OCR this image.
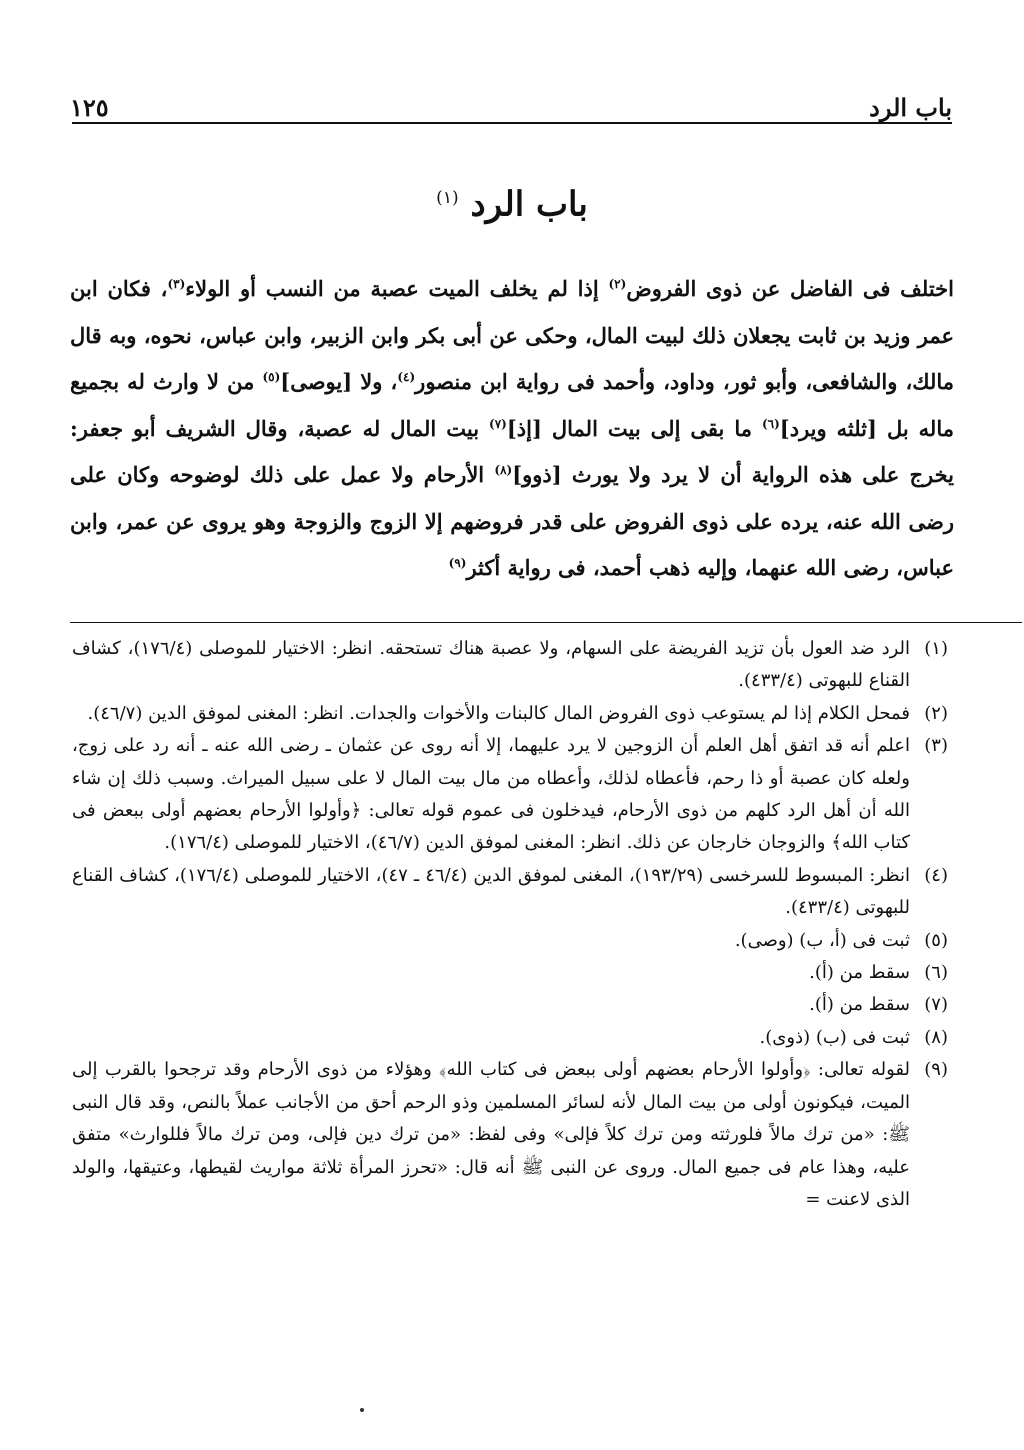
باب الرد
١٢٥
باب الرد $^{(١)}$
اختلف فى الفاضل عن ذوى الفروض$^{(٢)}$ إذا لم يخلف الميت عصبة من النسب أو الولاء$^{(٣)}$، فكان ابن عمر وزيد بن ثابت يجعلان ذلك لبيت المال، وحكى عن أبى بكر وابن الزبير، وابن عباس، نحوه، وبه قال مالك، والشافعى، وأبو ثور، وداود، وأحمد فى رواية ابن منصور$^{(٤)}$، ولا [يوصى]$^{(٥)}$ من لا وارث له بجميع ماله بل [ثلثه ويرد]$^{(٦)}$ ما بقى إلى بيت المال [إذ]$^{(٧)}$ بيت المال له عصبة، وقال الشريف أبو جعفر: يخرج على هذه الرواية أن لا يرد ولا يورث [ذوو]$^{(٨)}$ الأرحام ولا عمل على ذلك لوضوحه وكان على رضى الله عنه، يرده على ذوى الفروض على قدر فروضهم إلا الزوج والزوجة وهو يروى عن عمر، وابن عباس، رضى الله عنهما، وإليه ذهب أحمد، فى رواية أكثر$^{(٩)}$

(١)
الرد ضد العول بأن تزيد الفريضة على السهام، ولا عصبة هناك تستحقه. انظر: الاختيار للموصلى (١٧٦/٤)، كشاف القناع للبهوتى (٤٣٣/٤).

(٢)
فمحل الكلام إذا لم يستوعب ذوى الفروض المال كالبنات والأخوات والجدات. انظر: المغنى لموفق الدين (٤٦/٧).

(٣)
اعلم أنه قد اتفق أهل العلم أن الزوجين لا يرد عليهما، إلا أنه روى عن عثمان ـ رضى الله عنه ـ أنه رد على زوج، ولعله كان عصبة أو ذا رحم، فأعطاه لذلك، وأعطاه من مال بيت المال لا على سبيل الميراث. وسبب ذلك إن شاء الله أن أهل الرد كلهم من ذوى الأرحام، فيدخلون فى عموم قوله تعالى: ﴿وأولوا الأرحام بعضهم أولى ببعض فى كتاب الله﴾ والزوجان خارجان عن ذلك. انظر: المغنى لموفق الدين (٤٦/٧)، الاختيار للموصلى (١٧٦/٤).

(٤)
انظر: المبسوط للسرخسى (١٩٣/٢٩)، المغنى لموفق الدين (٤٦/٤ ـ ٤٧)، الاختيار للموصلى (١٧٦/٤)، كشاف القناع للبهوتى (٤٣٣/٤).

(٥)
ثبت فى (أ، ب) (وصى).

(٦)
سقط من (أ).

(٧)
سقط من (أ).

(٨)
ثبت فى (ب) (ذوى).

(٩)
لقوله تعالى: ﴿وأولوا الأرحام بعضهم أولى ببعض فى كتاب الله﴾ وهؤلاء من ذوى الأرحام وقد ترجحوا بالقرب إلى الميت، فيكونون أولى من بيت المال لأنه لسائر المسلمين وذو الرحم أحق من الأجانب عملاً بالنص، وقد قال النبى ﷺ: «من ترك مالاً فلورثته ومن ترك كلاً فإلى» وفى لفظ: «من ترك دين فإلى، ومن ترك مالاً فللوارث» متفق عليه، وهذا عام فى جميع المال. وروى عن النبى ﷺ أنه قال: «تحرز المرأة ثلاثة مواريث لقيطها، وعتيقها، والولد الذى لاعنت =
